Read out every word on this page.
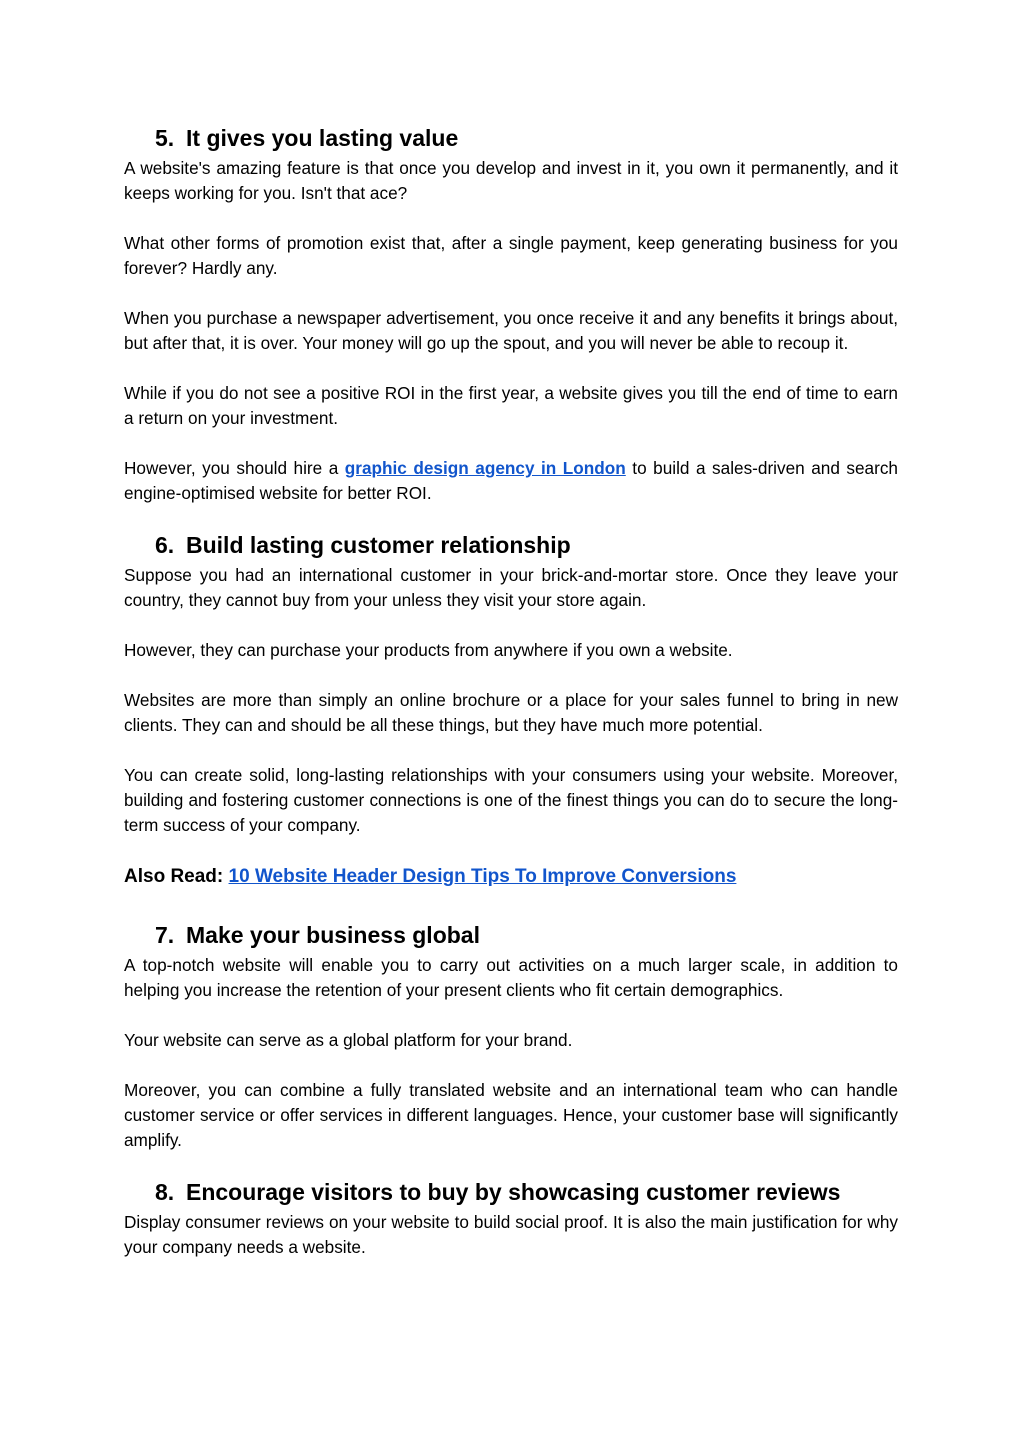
5. It gives you lasting value

A website's amazing feature is that once you develop and invest in it, you own it permanently, and it keeps working for you. Isn't that ace?

What other forms of promotion exist that, after a single payment, keep generating business for you forever? Hardly any.

When you purchase a newspaper advertisement, you once receive it and any benefits it brings about, but after that, it is over. Your money will go up the spout, and you will never be able to recoup it.

While if you do not see a positive ROI in the first year, a website gives you till the end of time to earn a return on your investment.

However, you should hire a graphic design agency in London to build a sales-driven and search engine-optimised website for better ROI.

6. Build lasting customer relationship

Suppose you had an international customer in your brick-and-mortar store. Once they leave your country, they cannot buy from your unless they visit your store again.

However, they can purchase your products from anywhere if you own a website.

Websites are more than simply an online brochure or a place for your sales funnel to bring in new clients. They can and should be all these things, but they have much more potential.

You can create solid, long-lasting relationships with your consumers using your website. Moreover, building and fostering customer connections is one of the finest things you can do to secure the long-term success of your company.

Also Read: 10 Website Header Design Tips To Improve Conversions
7. Make your business global

A top-notch website will enable you to carry out activities on a much larger scale, in addition to helping you increase the retention of your present clients who fit certain demographics.

Your website can serve as a global platform for your brand.

Moreover, you can combine a fully translated website and an international team who can handle customer service or offer services in different languages. Hence, your customer base will significantly amplify.

8. Encourage visitors to buy by showcasing customer reviews

Display consumer reviews on your website to build social proof. It is also the main justification for why your company needs a website.
